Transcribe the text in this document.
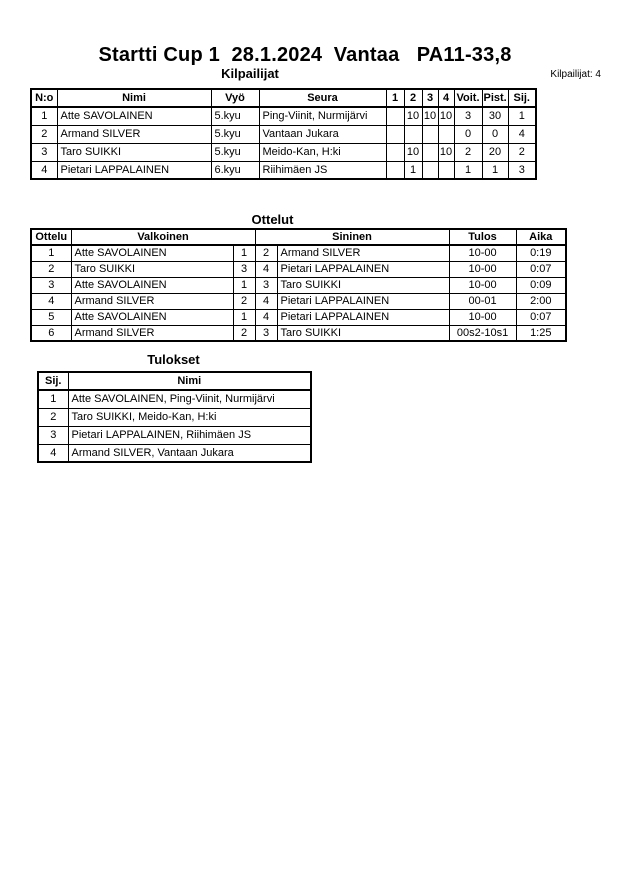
Startti Cup 1  28.1.2024  Vantaa   PA11-33,8
Kilpailijat	Kilpailijat: 4
N:o	Nimi	Vyö	Seura	1	2	3	4	Voit.	Pist.	Sij.
1	Atte SAVOLAINEN	5.kyu	Ping-Viinit, Nurmijärvi		10	10	10	3	30	1
2	Armand SILVER	5.kyu	Vantaan Jukara					0	0	4
3	Taro SUIKKI	5.kyu	Meido-Kan, H:ki		10		10	2	20	2
4	Pietari LAPPALAINEN	6.kyu	Riihimäen JS		1			1	1	3
Ottelut
Ottelu	Valkoinen		Sininen		Tulos	Aika
1	Atte SAVOLAINEN	1	2	Armand SILVER	10-00	0:19
2	Taro SUIKKI	3	4	Pietari LAPPALAINEN	10-00	0:07
3	Atte SAVOLAINEN	1	3	Taro SUIKKI	10-00	0:09
4	Armand SILVER	2	4	Pietari LAPPALAINEN	00-01	2:00
5	Atte SAVOLAINEN	1	4	Pietari LAPPALAINEN	10-00	0:07
6	Armand SILVER	2	3	Taro SUIKKI	00s2-10s1	1:25
Tulokset
Sij.	Nimi
1	Atte SAVOLAINEN, Ping-Viinit, Nurmijärvi
2	Taro SUIKKI, Meido-Kan, H:ki
3	Pietari LAPPALAINEN, Riihimäen JS
4	Armand SILVER, Vantaan Jukara
